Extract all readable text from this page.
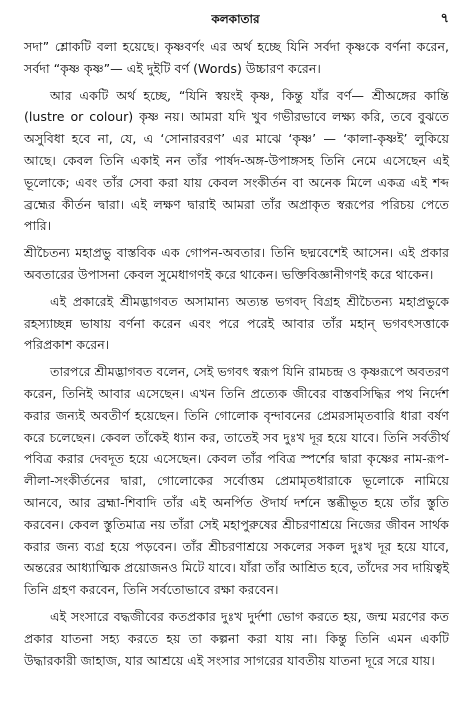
কলকাতার	৭

সদা” শ্লোকটি বলা হয়েছে। কৃষ্ণবর্ণং এর অর্থ হচ্ছে যিনি সর্বদা কৃষ্ণকে বর্ণনা করেন, সর্বদা “কৃষ্ণ কৃষ্ণ”— এই দুইটি বর্ণ (Words) উচ্চারণ করেন।

আর একটি অর্থ হচ্ছে, “যিনি স্বয়ংই কৃষ্ণ, কিন্তু যাঁর বর্ণ— শ্রীঅঙ্গের কান্তি (lustre or colour) কৃষ্ণ নয়। আমরা যদি খুব গভীরভাবে লক্ষ্য করি, তবে বুঝতে অসুবিধা হবে না, যে, এ ‘সোনারবরণ’ এর মাঝে ‘কৃষ্ণ’ — ‘কালা-কৃষ্ণই’ লুকিয়ে আছে। কেবল তিনি একাই নন তাঁর পার্ষদ-অঙ্গ-উপাঙ্গসহ তিনি নেমে এসেছেন এই ভূলোকে; এবং তাঁর সেবা করা যায় কেবল সংকীর্তন বা অনেক মিলে একত্র এই শব্দ ব্রহ্মের কীর্তন দ্বারা। এই লক্ষণ দ্বারাই আমরা তাঁর অপ্রাকৃত স্বরূপের পরিচয় পেতে পারি।

শ্রীচৈতন্য মহাপ্রভু বাস্তবিক এক গোপন-অবতার। তিনি ছদ্মবেশেই আসেন। এই প্রকার অবতারের উপাসনা কেবল সুমেধাগণই করে থাকেন। ভক্তিবিজ্ঞানীগণই করে থাকেন।

এই প্রকারেই শ্রীমদ্ভাগবত অসামান্য অত্যন্ত ভগবদ্ বিগ্রহ শ্রীচৈতন্য মহাপ্রভুকে রহস্যাচ্ছন্ন ভাষায় বর্ণনা করেন এবং পরে পরেই আবার তাঁর মহান্ ভগবৎসত্তাকে পরিপ্রকাশ করেন।

তারপরে শ্রীমদ্ভাগবত বলেন, সেই ভগবৎ স্বরূপ যিনি রামচন্দ্র ও কৃষ্ণরূপে অবতরণ করেন, তিনিই আবার এসেছেন। এখন তিনি প্রত্যেক জীবের বাস্তবসিদ্ধির পথ নির্দেশ করার জন্যই অবতীর্ণ হয়েছেন। তিনি গোলোক বৃন্দাবনের প্রেমরসামৃতবারি ধারা বর্ষণ করে চলেছেন। কেবল তাঁকেই ধ্যান কর, তাতেই সব দুঃখ দূর হয়ে যাবে। তিনি সর্বতীর্থ পবিত্র করার দেবদূত হয়ে এসেছেন। কেবল তাঁর পবিত্র স্পর্শের দ্বারা কৃষ্ণের নাম-রূপ-লীলা-সংকীর্তনের দ্বারা, গোলোকের সর্বোত্তম প্রেমামৃতধারাকে ভূলোকে নামিয়ে আনবে, আর ব্রহ্মা-শিবাদি তাঁর এই অনর্পিত ঔদার্য দর্শনে স্তব্ধীভূত হয়ে তাঁর স্তুতি করবেন। কেবল স্তুতিমাত্র নয় তাঁরা সেই মহাপুরুষের শ্রীচরণাশ্রয়ে নিজের জীবন সার্থক করার জন্য ব্যগ্র হয়ে পড়বেন। তাঁর শ্রীচরণাশ্রয়ে সকলের সকল দুঃখ দূর হয়ে যাবে, অন্তরের আধ্যাত্মিক প্রয়োজনও মিটে যাবে। যাঁরা তাঁর আশ্রিত হবে, তাঁদের সব দায়িত্বই তিনি গ্রহণ করবেন, তিনি সর্বতোভাবে রক্ষা করবেন।

এই সংসারে বদ্ধজীবের কতপ্রকার দুঃখ দুর্দশা ভোগ করতে হয়, জন্ম মরণের কত প্রকার যাতনা সহ্য করতে হয় তা কল্পনা করা যায় না। কিন্তু তিনি এমন একটি উদ্ধারকারী জাহাজ, যার আশ্রয়ে এই সংসার সাগরের যাবতীয় যাতনা দূরে সরে যায়।
